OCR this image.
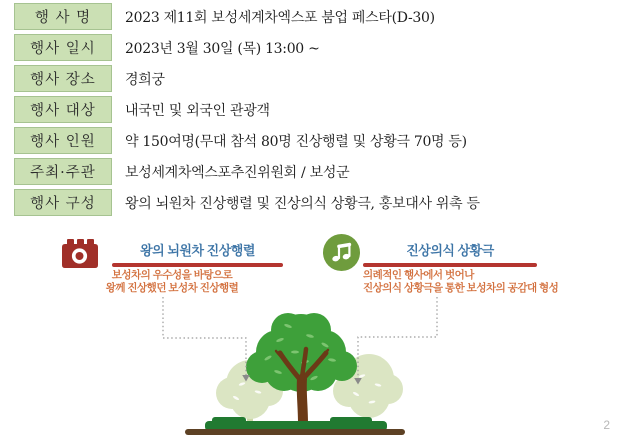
행 사 명	2023 제11회 보성세계차엑스포 붐업 페스타(D-30)
행사 일시	2023년 3월 30일 (목) 13:00 ~
행사 장소	경희궁
행사 대상	내국민 및 외국인 관광객
행사 인원	약 150여명(무대 참석 80명 진상행렬 및 상황극 70명 등)
주최·주관	보성세계차엑스포추진위원회 / 보성군
행사 구성	왕의 뇌원차 진상행렬 및 진상의식 상황극, 홍보대사 위촉 등
왕의 뇌원차 진상행렬
보성차의 우수성을 바탕으로
왕께 진상했던 보성차 진상행렬
진상의식 상황극
의례적인 행사에서 벗어나
진상의식 상황극을 통한 보성차의 공감대 형성
2
